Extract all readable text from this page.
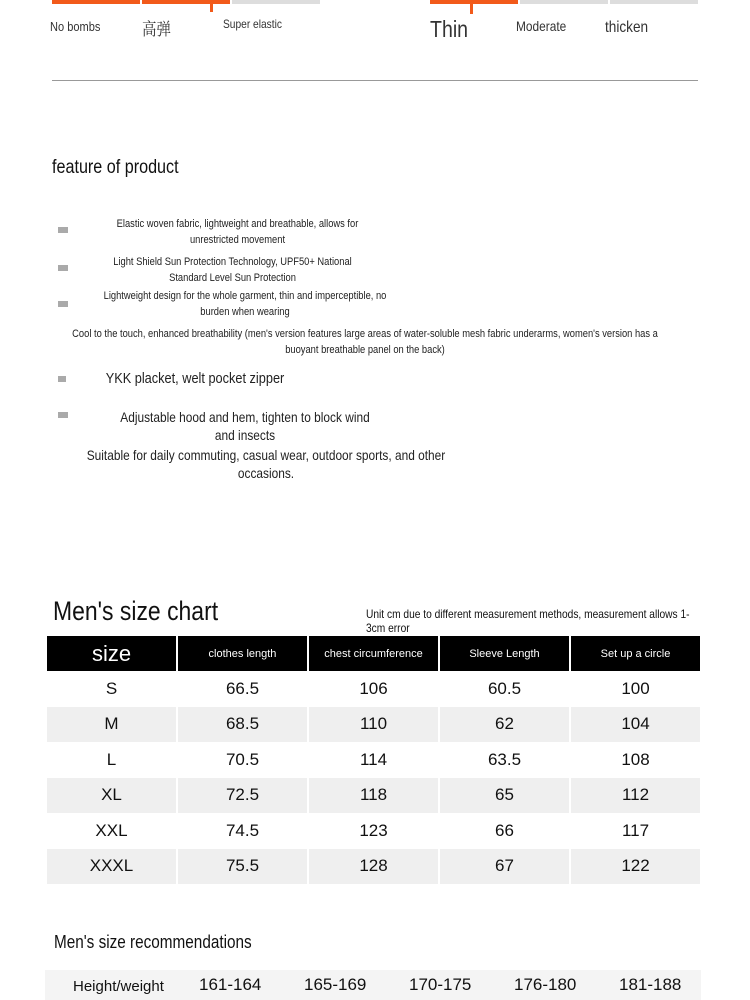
No bombs 高弹	Super elastic	Thin	Moderate thicken
feature of product
Elastic woven fabric, lightweight and breathable, allows for unrestricted movement
Light Shield Sun Protection Technology, UPF50+ National Standard Level Sun Protection
Lightweight design for the whole garment, thin and imperceptible, no burden when wearing
Cool to the touch, enhanced breathability (men's version features large areas of water-soluble mesh fabric underarms, women's version has a buoyant breathable panel on the back)
YKK placket, welt pocket zipper
Adjustable hood and hem, tighten to block wind and insects
Suitable for daily commuting, casual wear, outdoor sports, and other occasions.
Men's size chart	Unit cm due to different measurement methods, measurement allows 1-3cm error
size	clothes length	chest circumference	Sleeve Length	Set up a circle
S	66.5	106	60.5	100
M	68.5	110	62	104
L	70.5	114	63.5	108
XL	72.5	118	65	112
XXL	74.5	123	66	117
XXXL	75.5	128	67	122
Men's size recommendations
Height/weight 161-164	165-169	170-175	176-180	181-188
